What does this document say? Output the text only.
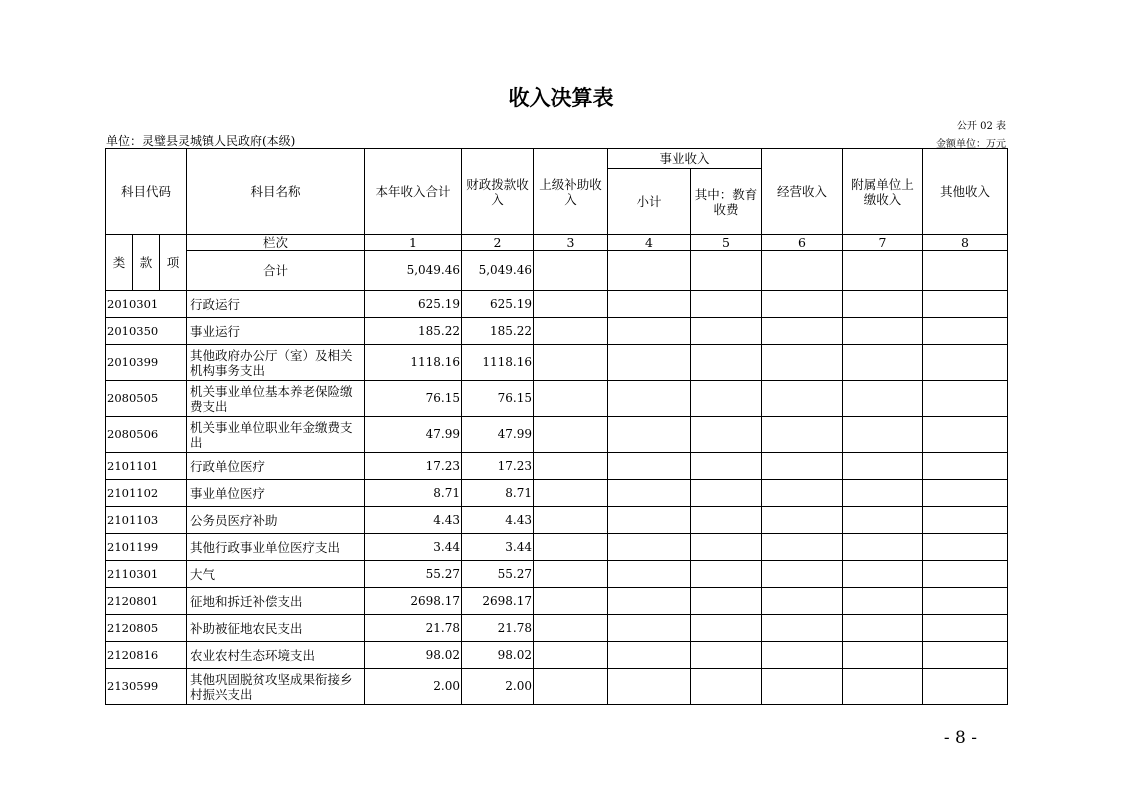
收入决算表
公开 02 表
单位：灵璧县灵城镇人民政府(本级)	金额单位：万元
科目代码			科目名称	本年收入合计	财政拨款收入	上级补助收入	事业收入		经营收入	附属单位上缴收入	其他收入
							小计	其中：教育收费			
类	款	项	栏次	1	2	3	4	5	6	7	8
			合计	5,049.46	5,049.46						
2010301			行政运行	625.19	625.19						
2010350			事业运行	185.22	185.22						
2010399			其他政府办公厅（室）及相关机构事务支出	1118.16	1118.16						
2080505			机关事业单位基本养老保险缴费支出	76.15	76.15						
2080506			机关事业单位职业年金缴费支出	47.99	47.99						
2101101			行政单位医疗	17.23	17.23						
2101102			事业单位医疗	8.71	8.71						
2101103			公务员医疗补助	4.43	4.43						
2101199			其他行政事业单位医疗支出	3.44	3.44						
2110301			大气	55.27	55.27						
2120801			征地和拆迁补偿支出	2698.17	2698.17						
2120805			补助被征地农民支出	21.78	21.78						
2120816			农业农村生态环境支出	98.02	98.02						
2130599			其他巩固脱贫攻坚成果衔接乡村振兴支出	2.00	2.00						
- 8 -
